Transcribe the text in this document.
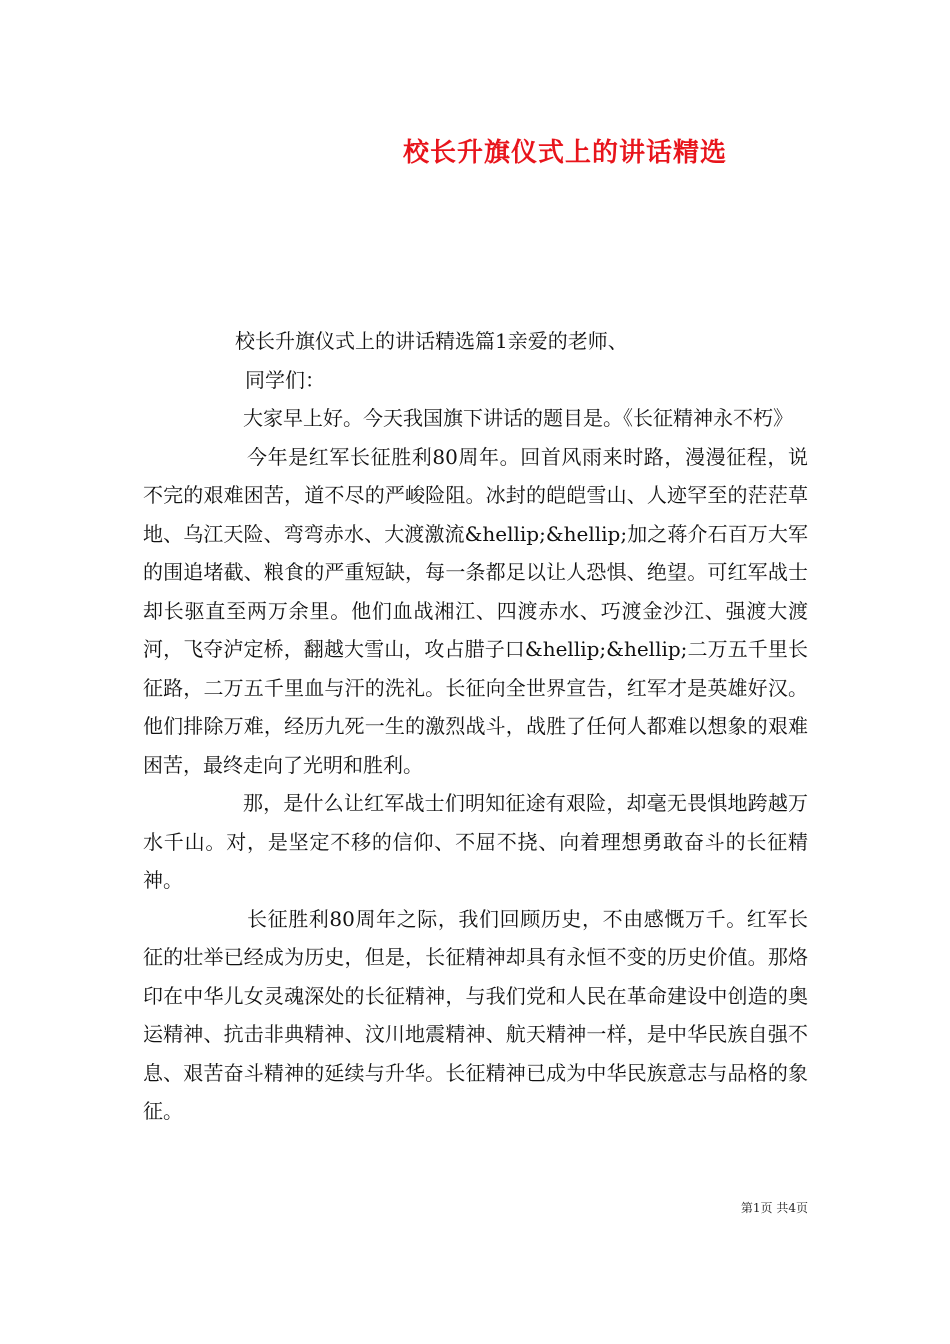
校长升旗仪式上的讲话精选

校长升旗仪式上的讲话精选篇1亲爱的老师、

同学们：

大家早上好。今天我国旗下讲话的题目是。《长征精神永不朽》

今年是红军长征胜利80周年。回首风雨来时路，漫漫征程，说不完的艰难困苦，道不尽的严峻险阻。冰封的皑皑雪山、人迹罕至的茫茫草地、乌江天险、弯弯赤水、大渡激流&hellip;&hellip;加之蒋介石百万大军的围追堵截、粮食的严重短缺，每一条都足以让人恐惧、绝望。可红军战士却长驱直至两万余里。他们血战湘江、四渡赤水、巧渡金沙江、强渡大渡河，飞夺泸定桥，翻越大雪山，攻占腊子口&hellip;&hellip;二万五千里长征路，二万五千里血与汗的洗礼。长征向全世界宣告，红军才是英雄好汉。他们排除万难，经历九死一生的激烈战斗，战胜了任何人都难以想象的艰难困苦，最终走向了光明和胜利。

那，是什么让红军战士们明知征途有艰险，却毫无畏惧地跨越万水千山。对，是坚定不移的信仰、不屈不挠、向着理想勇敢奋斗的长征精神。

长征胜利80周年之际，我们回顾历史，不由感慨万千。红军长征的壮举已经成为历史，但是，长征精神却具有永恒不变的历史价值。那烙印在中华儿女灵魂深处的长征精神，与我们党和人民在革命建设中创造的奥运精神、抗击非典精神、汶川地震精神、航天精神一样，是中华民族自强不息、艰苦奋斗精神的延续与升华。长征精神已成为中华民族意志与品格的象征。

第1页 共4页
